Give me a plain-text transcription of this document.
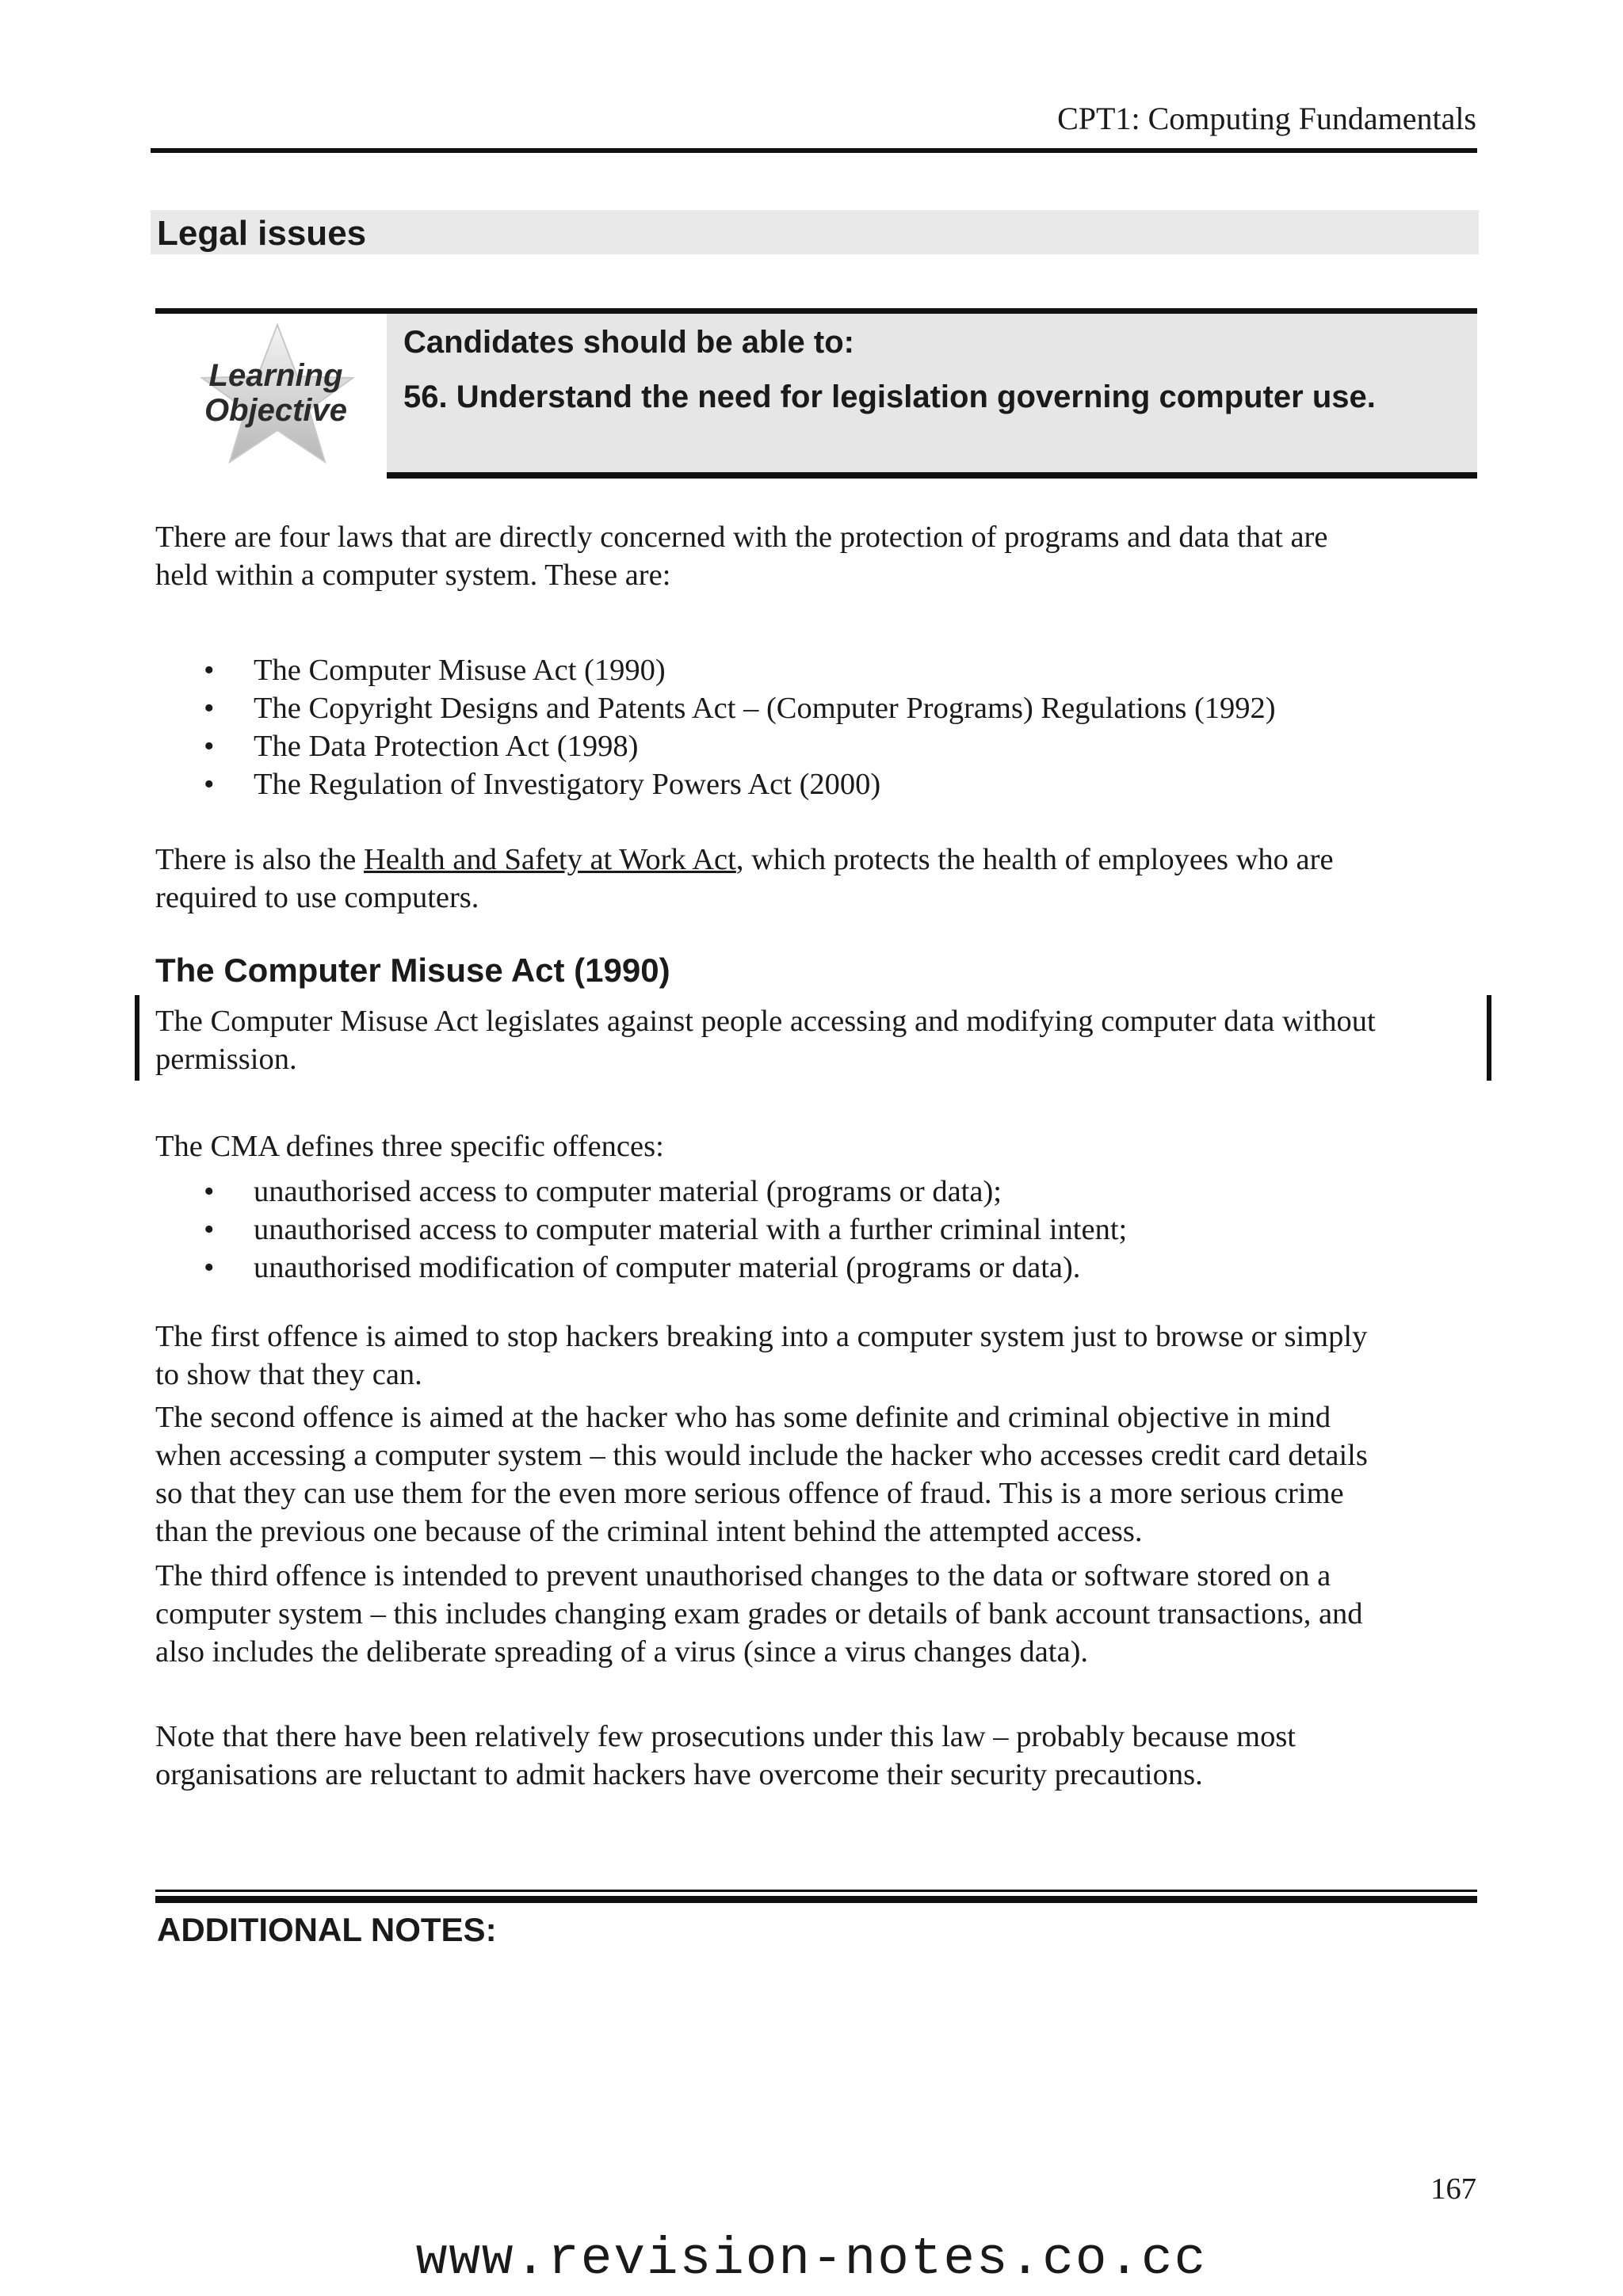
CPT1: Computing Fundamentals
Legal issues
Learning
Objective
Candidates should be able to:
56. Understand the need for legislation governing computer use.

There are four laws that are directly concerned with the protection of programs and data that are
held within a computer system. These are:

• The Computer Misuse Act (1990)
• The Copyright Designs and Patents Act – (Computer Programs) Regulations (1992)
• The Data Protection Act (1998)
• The Regulation of Investigatory Powers Act (2000)

There is also the Health and Safety at Work Act, which protects the health of employees who are
required to use computers.

The Computer Misuse Act (1990)

The Computer Misuse Act legislates against people accessing and modifying computer data without
permission.

The CMA defines three specific offences:

• unauthorised access to computer material (programs or data);
• unauthorised access to computer material with a further criminal intent;
• unauthorised modification of computer material (programs or data).

The first offence is aimed to stop hackers breaking into a computer system just to browse or simply
to show that they can.

The second offence is aimed at the hacker who has some definite and criminal objective in mind
when accessing a computer system – this would include the hacker who accesses credit card details
so that they can use them for the even more serious offence of fraud. This is a more serious crime
than the previous one because of the criminal intent behind the attempted access.

The third offence is intended to prevent unauthorised changes to the data or software stored on a
computer system – this includes changing exam grades or details of bank account transactions, and
also includes the deliberate spreading of a virus (since a virus changes data).

Note that there have been relatively few prosecutions under this law – probably because most
organisations are reluctant to admit hackers have overcome their security precautions.

ADDITIONAL NOTES:
167
www.revision-notes.co.cc
